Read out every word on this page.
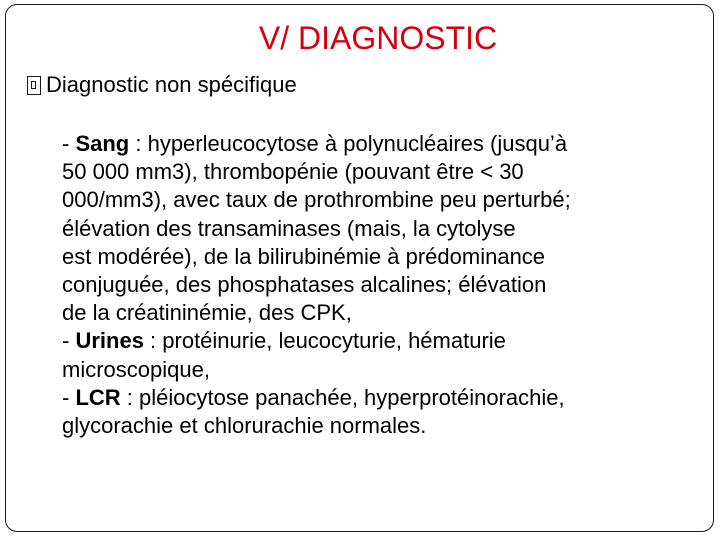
V/ DIAGNOSTIC
Diagnostic non spécifique
- Sang : hyperleucocytose à polynucléaires (jusqu’à
50 000 mm3), thrombopénie (pouvant être < 30
000/mm3), avec taux de prothrombine peu perturbé;
élévation des transaminases (mais, la cytolyse
est modérée), de la bilirubinémie à prédominance
conjuguée, des phosphatases alcalines; élévation
de la créatininémie, des CPK,
- Urines : protéinurie, leucocyturie, hématurie
microscopique,
- LCR : pléiocytose panachée, hyperprotéinorachie,
glycorachie et chlorurachie normales.
